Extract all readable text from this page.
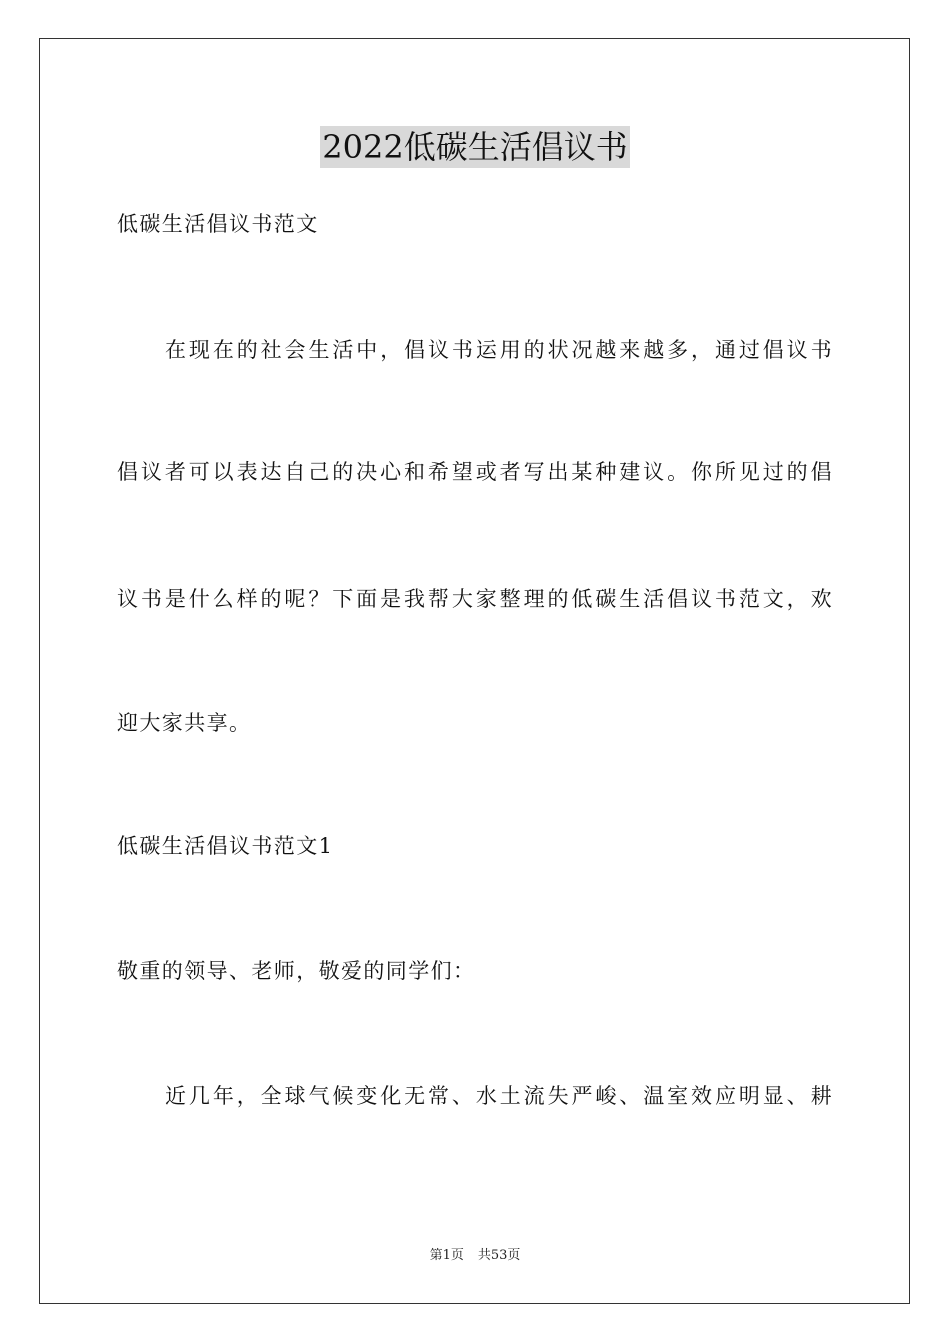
2022低碳生活倡议书
低碳生活倡议书范文
在现在的社会生活中，倡议书运用的状况越来越多，通过倡议书
倡议者可以表达自己的决心和希望或者写出某种建议。你所见过的倡
议书是什么样的呢？下面是我帮大家整理的低碳生活倡议书范文，欢
迎大家共享。
低碳生活倡议书范文1
敬重的领导、老师，敬爱的同学们：
近几年，全球气候变化无常、水土流失严峻、温室效应明显、耕
第1页 共53页
